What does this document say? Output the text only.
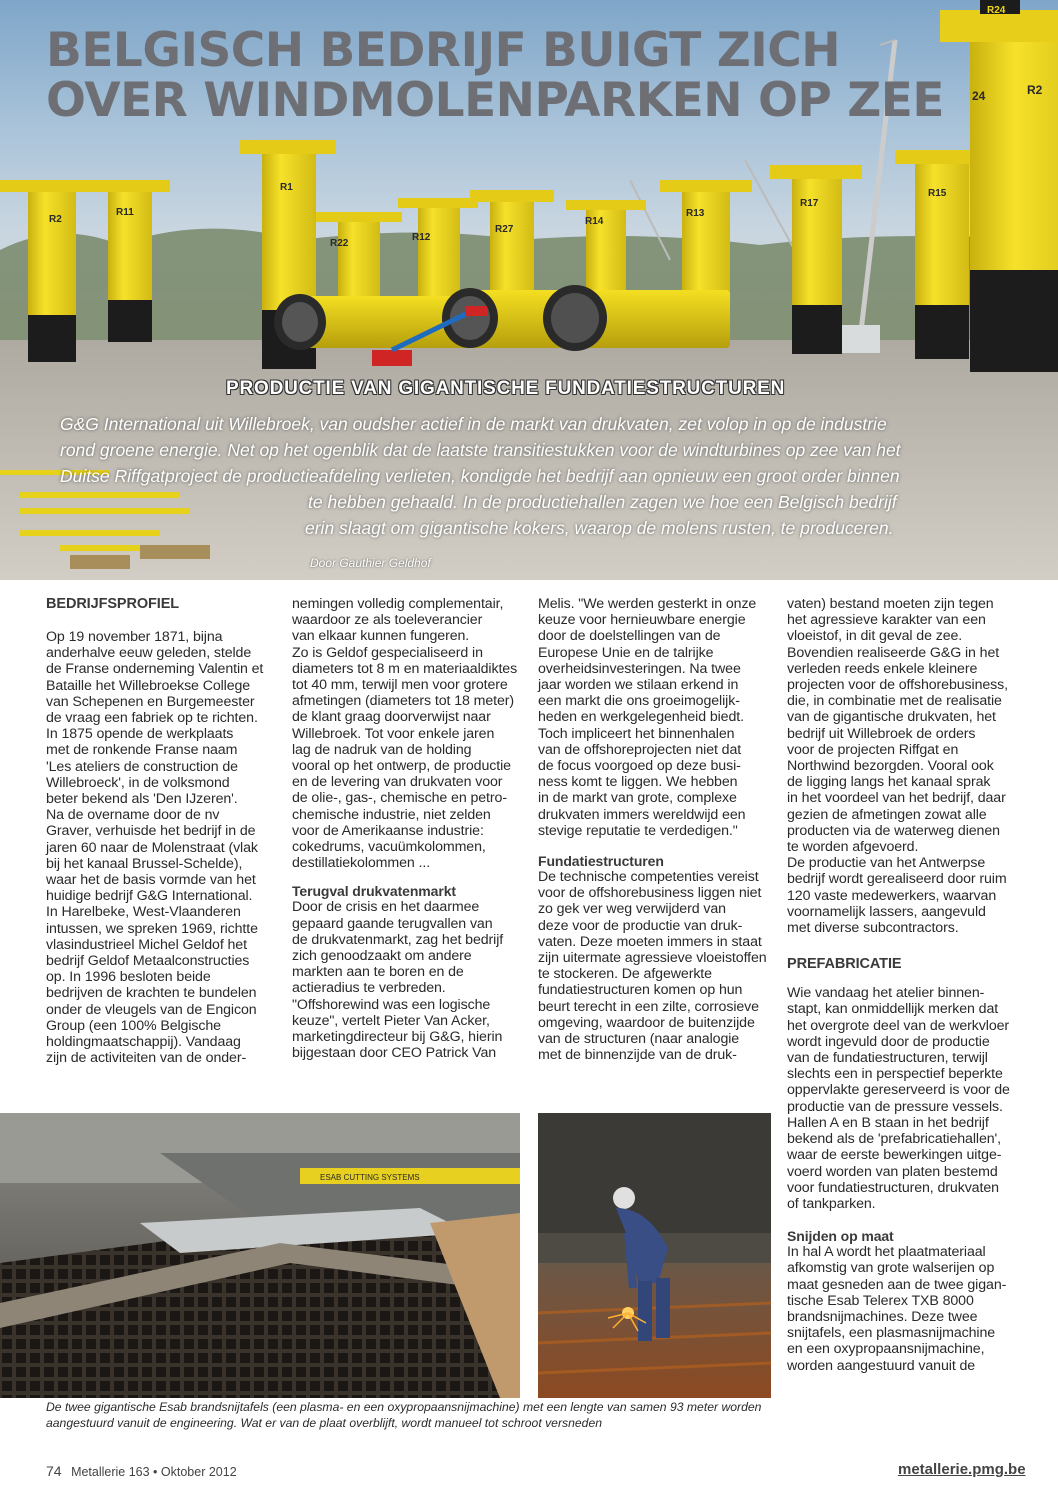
R24
24	R2
R1
R2
R11
R22
R12
R27
R14
R13
R17
R15
BELGISCH BEDRIJF BUIGT ZICH
OVER WINDMOLENPARKEN OP ZEE
PRODUCTIE VAN GIGANTISCHE FUNDATIESTRUCTUREN
G&G International uit Willebroek, van oudsher actief in de markt van drukvaten, zet volop in op de industrie
rond groene energie. Net op het ogenblik dat de laatste transitiestukken voor de windturbines op zee van het
Duitse Riffgatproject de productieafdeling verlieten, kondigde het bedrijf aan opnieuw een groot order binnen
te hebben gehaald. In de productiehallen zagen we hoe een Belgisch bedrijf
erin slaagt om gigantische kokers, waarop de molens rusten, te produceren.
Door Gauthier Geldhof
BEDRIJFSPROFIEL

Op 19 november 1871, bijna

anderhalve eeuw geleden, stelde

de Franse onderneming Valentin et

Bataille het Willebroekse College

van Schepenen en Burgemeester

de vraag een fabriek op te richten.

In 1875 opende de werkplaats

met de ronkende Franse naam

'Les ateliers de construction de

Willebroeck', in de volksmond

beter bekend als 'Den IJzeren'.

Na de overname door de nv

Graver, verhuisde het bedrijf in de

jaren 60 naar de Molenstraat (vlak

bij het kanaal Brussel-Schelde),

waar het de basis vormde van het

huidige bedrijf G&G International.

In Harelbeke, West-Vlaanderen

intussen, we spreken 1969, richtte

vlasindustrieel Michel Geldof het

bedrijf Geldof Metaalconstructies

op. In 1996 besloten beide

bedrijven de krachten te bundelen

onder de vleugels van de Engicon

Group (een 100% Belgische

holdingmaatschappij). Vandaag

zijn de activiteiten van de onder-

nemingen volledig complementair,

waardoor ze als toeleverancier

van elkaar kunnen fungeren.

Zo is Geldof gespecialiseerd in

diameters tot 8 m en materiaaldiktes

tot 40 mm, terwijl men voor grotere

afmetingen (diameters tot 18 meter)

de klant graag doorverwijst naar

Willebroek. Tot voor enkele jaren

lag de nadruk van de holding

vooral op het ontwerp, de productie

en de levering van drukvaten voor

de olie-, gas-, chemische en petro-

chemische industrie, niet zelden

voor de Amerikaanse industrie:

cokedrums, vacuümkolommen,

destillatiekolommen ...

Terugval drukvatenmarkt

Door de crisis en het daarmee

gepaard gaande terugvallen van

de drukvatenmarkt, zag het bedrijf

zich genoodzaakt om andere

markten aan te boren en de

actieradius te verbreden.

"Offshorewind was een logische

keuze", vertelt Pieter Van Acker,

marketingdirecteur bij G&G, hierin

bijgestaan door CEO Patrick Van

Melis. "We werden gesterkt in onze

keuze voor hernieuwbare energie

door de doelstellingen van de

Europese Unie en de talrijke

overheidsinvesteringen. Na twee

jaar worden we stilaan erkend in

een markt die ons groeimogelijk-

heden en werkgelegenheid biedt.

Toch impliceert het binnenhalen

van de offshoreprojecten niet dat

de focus voorgoed op deze busi-

ness komt te liggen. We hebben

in de markt van grote, complexe

drukvaten immers wereldwijd een

stevige reputatie te verdedigen."

Fundatiestructuren

De technische competenties vereist

voor de offshorebusiness liggen niet

zo gek ver weg verwijderd van

deze voor de productie van druk-

vaten. Deze moeten immers in staat

zijn uitermate agressieve vloeistoffen

te stockeren. De afgewerkte

fundatiestructuren komen op hun

beurt terecht in een zilte, corrosieve

omgeving, waardoor de buitenzijde

van de structuren (naar analogie

met de binnenzijde van de druk-

vaten) bestand moeten zijn tegen

het agressieve karakter van een

vloeistof, in dit geval de zee.

Bovendien realiseerde G&G in het

verleden reeds enkele kleinere

projecten voor de offshorebusiness,

die, in combinatie met de realisatie

van de gigantische drukvaten, het

bedrijf uit Willebroek de orders

voor de projecten Riffgat en

Northwind bezorgden. Vooral ook

de ligging langs het kanaal sprak

in het voordeel van het bedrijf, daar

gezien de afmetingen zowat alle

producten via de waterweg dienen

te worden afgevoerd.

De productie van het Antwerpse

bedrijf wordt gerealiseerd door ruim

120 vaste medewerkers, waarvan

voornamelijk lassers, aangevuld

met diverse subcontractors.

PREFABRICATIE

Wie vandaag het atelier binnen-

stapt, kan onmiddellijk merken dat

het overgrote deel van de werkvloer

wordt ingevuld door de productie

van de fundatiestructuren, terwijl

slechts een in perspectief beperkte

oppervlakte gereserveerd is voor de

productie van de pressure vessels.

Hallen A en B staan in het bedrijf

bekend als de 'prefabricatiehallen',

waar de eerste bewerkingen uitge-

voerd worden van platen bestemd

voor fundatiestructuren, drukvaten

of tankparken.

Snijden op maat

In hal A wordt het plaatmateriaal

afkomstig van grote walserijen op

maat gesneden aan de twee gigan-

tische Esab Telerex TXB 8000

brandsnijmachines. Deze twee

snijtafels, een plasmasnijmachine

en een oxypropaansnijmachine,

worden aangestuurd vanuit de

ESAB CUTTING SYSTEMS
De twee gigantische Esab brandsnijtafels (een plasma- en een oxypropaansnijmachine) met een lengte van samen 93 meter worden
aangestuurd vanuit de engineering. Wat er van de plaat overblijft, wordt manueel tot schroot versneden
74 Metallerie 163 • Oktober 2012	metallerie.pmg.be
